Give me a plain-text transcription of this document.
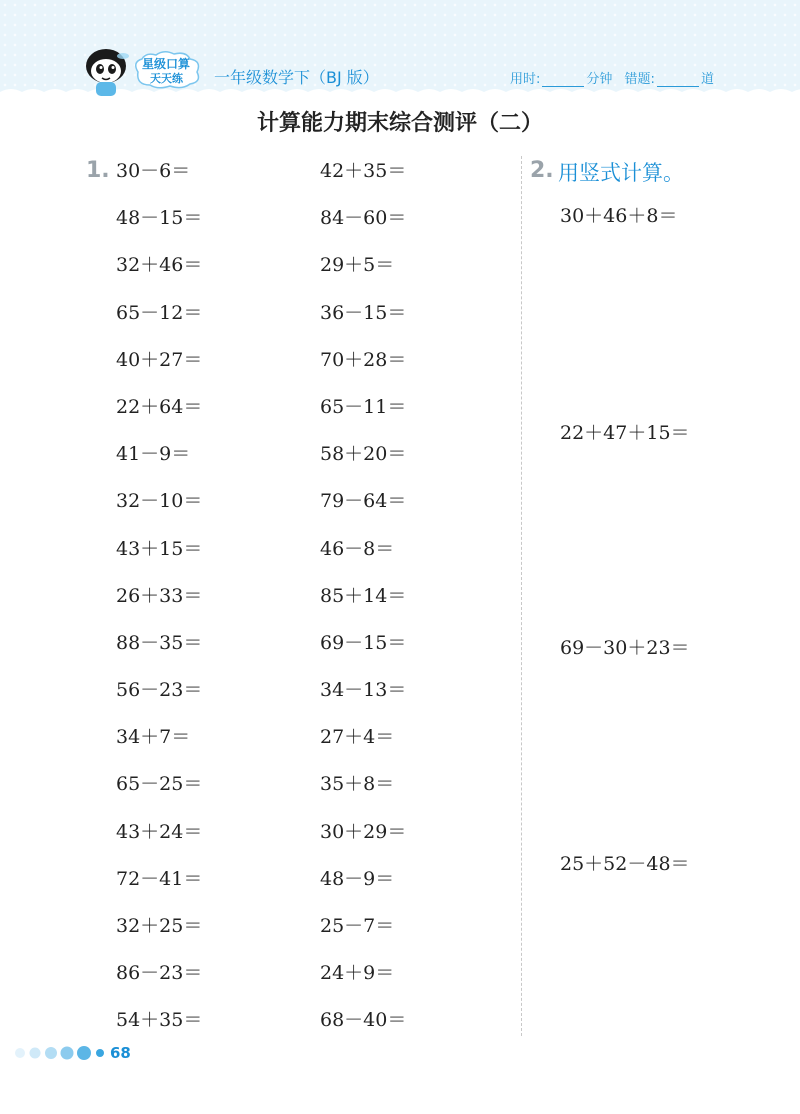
星级口算
天天练 一年级数学下（BJ 版）	用时:	分钟 错题:	道
计算能力期末综合测评（二）
1. 30－6＝
48－15＝
32＋46＝
65－12＝
40＋27＝
22＋64＝
41－9＝
32－10＝
43＋15＝
26＋33＝
88－35＝
56－23＝
34＋7＝
65－25＝
43＋24＝
72－41＝
32＋25＝
86－23＝
54＋35＝
42＋35＝
84－60＝
29＋5＝
36－15＝
70＋28＝
65－11＝
58＋20＝
79－64＝
46－8＝
85＋14＝
69－15＝
34－13＝
27＋4＝
35＋8＝
30＋29＝
48－9＝
25－7＝
24＋9＝
68－40＝
2. 用竖式计算。
30＋46＋8＝
22＋47＋15＝
69－30＋23＝
25＋52－48＝
68
